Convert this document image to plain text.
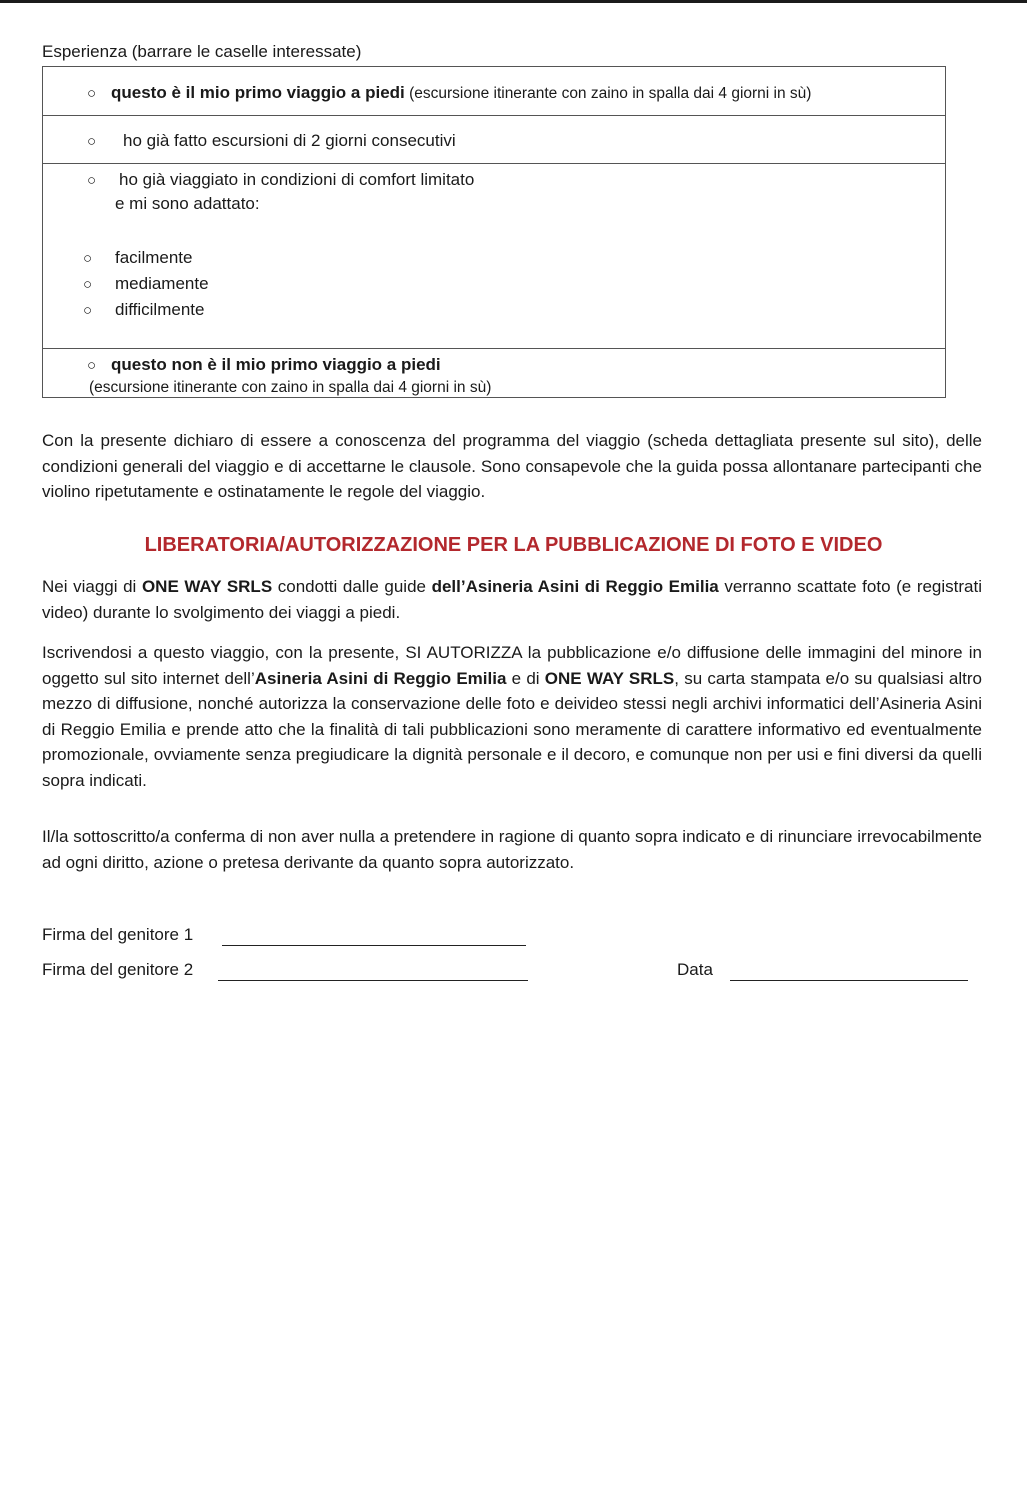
Esperienza (barrare le caselle interessate)
○ questo è il mio primo viaggio a piedi (escursione itinerante con zaino in spalla dai 4 giorni in sù)
○ ho già fatto escursioni di 2 giorni consecutivi
○ ho già viaggiato in condizioni di comfort limitato
e mi sono adattato:
○ facilmente
○ mediamente
○ difficilmente
○ questo non è il mio primo viaggio a piedi
(escursione itinerante con zaino in spalla dai 4 giorni in sù)

Con la presente dichiaro di essere a conoscenza del programma del viaggio (scheda dettagliata presente sul sito), delle condizioni generali del viaggio e di accettarne le clausole. Sono consapevole che la guida possa allontanare partecipanti che violino ripetutamente e ostinatamente le regole del viaggio.

LIBERATORIA/AUTORIZZAZIONE PER LA PUBBLICAZIONE DI FOTO E VIDEO

Nei viaggi di ONE WAY SRLS condotti dalle guide dell’Asineria Asini di Reggio Emilia verranno scattate foto (e registrati video) durante lo svolgimento dei viaggi a piedi.

Iscrivendosi a questo viaggio, con la presente, SI AUTORIZZA la pubblicazione e/o diffusione delle immagini del minore in oggetto sul sito internet dell’Asineria Asini di Reggio Emilia e di ONE WAY SRLS, su carta stampata e/o su qualsiasi altro mezzo di diffusione, nonché autorizza la conservazione delle foto e deivideo stessi negli archivi informatici dell’Asineria Asini di Reggio Emilia e prende atto che la finalità di tali pubblicazioni sono meramente di carattere informativo ed eventualmente promozionale, ovviamente senza pregiudicare la dignità personale e il decoro, e comunque non per usi e fini diversi da quelli sopra indicati.

Il/la sottoscritto/a conferma di non aver nulla a pretendere in ragione di quanto sopra indicato e di rinunciare irrevocabilmente ad ogni diritto, azione o pretesa derivante da quanto sopra autorizzato.

Firma del genitore 1
Firma del genitore 2	Data
